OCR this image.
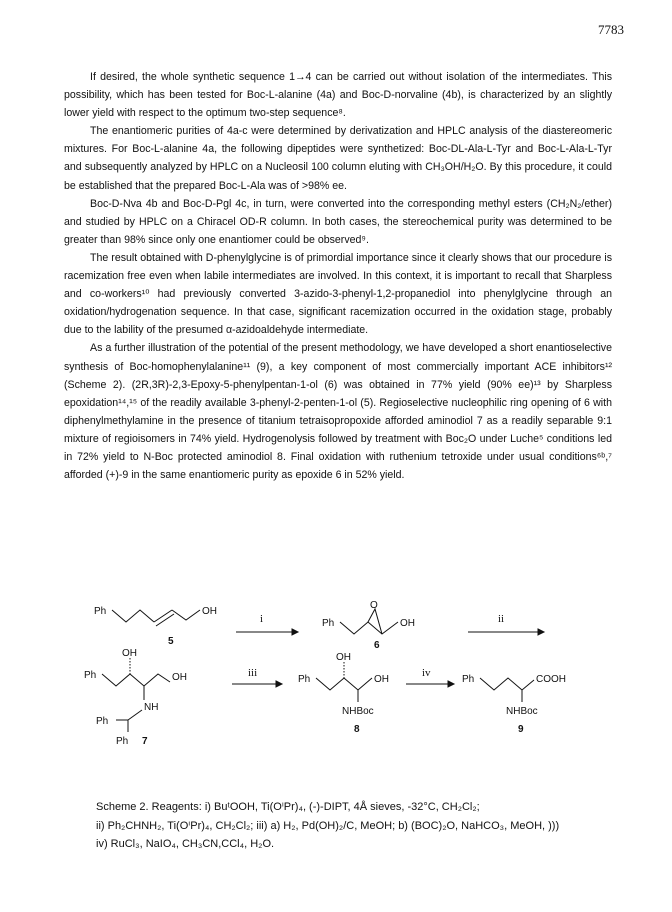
7783

If desired, the whole synthetic sequence 1→4 can be carried out without isolation of the intermediates. This possibility, which has been tested for Boc-L-alanine (4a) and Boc-D-norvaline (4b), is characterized by an slightly lower yield with respect to the optimum two-step sequence⁸.

The enantiomeric purities of 4a-c were determined by derivatization and HPLC analysis of the diastereomeric mixtures. For Boc-L-alanine 4a, the following dipeptides were synthetized: Boc-DL-Ala-L-Tyr and Boc-L-Ala-L-Tyr and subsequently analyzed by HPLC on a Nucleosil 100 column eluting with CH₃OH/H₂O. By this procedure, it could be established that the prepared Boc-L-Ala was of >98% ee.

Boc-D-Nva 4b and Boc-D-Pgl 4c, in turn, were converted into the corresponding methyl esters (CH₂N₂/ether) and studied by HPLC on a Chiracel OD-R column. In both cases, the stereochemical purity was determined to be greater than 98% since only one enantiomer could be observed⁹.

The result obtained with D-phenylglycine is of primordial importance since it clearly shows that our procedure is racemization free even when labile intermediates are involved. In this context, it is important to recall that Sharpless and co-workers¹⁰ had previously converted 3-azido-3-phenyl-1,2-propanediol into phenylglycine through an oxidation/hydrogenation sequence. In that case, significant racemization occurred in the oxidation stage, probably due to the lability of the presumed α-azidoaldehyde intermediate.

As a further illustration of the potential of the present methodology, we have developed a short enantioselective synthesis of Boc-homophenylalanine¹¹ (9), a key component of most commercially important ACE inhibitors¹² (Scheme 2). (2R,3R)-2,3-Epoxy-5-phenylpentan-1-ol (6) was obtained in 77% yield (90% ee)¹³ by Sharpless epoxidation¹⁴,¹⁵ of the readily available 3-phenyl-2-penten-1-ol (5). Regioselective nucleophilic ring opening of 6 with diphenylmethylamine in the presence of titanium tetraisopropoxide afforded aminodiol 7 as a readily separable 9:1 mixture of regioisomers in 74% yield. Hydrogenolysis followed by treatment with Boc₂O under Luche⁵ conditions led in 72% yield to N-Boc protected aminodiol 8. Final oxidation with ruthenium tetroxide under usual conditions⁶ᵇ,⁷ afforded (+)-9 in the same enantiomeric purity as epoxide 6 in 52% yield.

Ph	OH
5
i	Ph
O
OH
6
ii
Ph
OH
OH
NH
Ph
Ph 7
iii
Ph
OH
OH
NHBoc
8
iv
Ph	COOH
NHBoc
9
Scheme 2. Reagents: i) BuᵗOOH, Ti(OⁱPr)₄, (-)-DIPT, 4Å sieves, -32°C, CH₂Cl₂;
ii) Ph₂CHNH₂, Ti(OⁱPr)₄, CH₂Cl₂; iii) a) H₂, Pd(OH)₂/C, MeOH; b) (BOC)₂O, NaHCO₃, MeOH, )))
iv) RuCl₃, NaIO₄, CH₃CN,CCl₄, H₂O.
